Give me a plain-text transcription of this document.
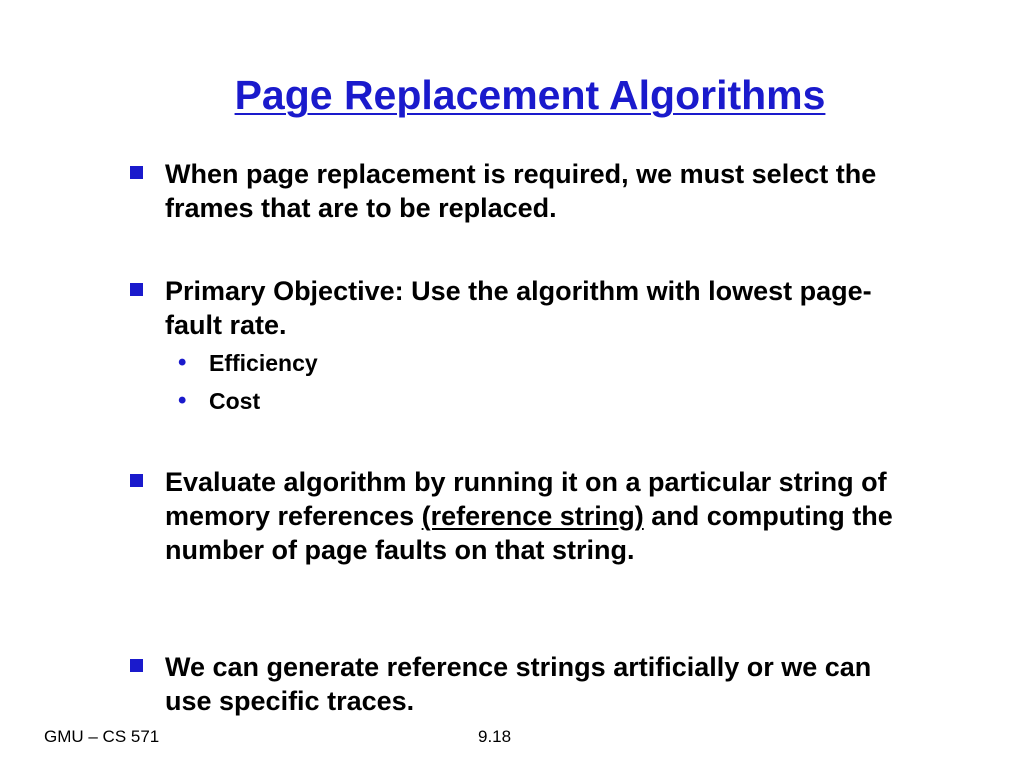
Page Replacement Algorithms
When page replacement is required, we must select the frames that are to be replaced.
Primary Objective: Use the algorithm with lowest page-fault rate.
• Efficiency
• Cost
Evaluate algorithm by running it on a particular string of memory references (reference string) and computing the number of page faults on that string.
We can generate reference strings artificially or we can use specific traces.
GMU – CS 571	9.18
